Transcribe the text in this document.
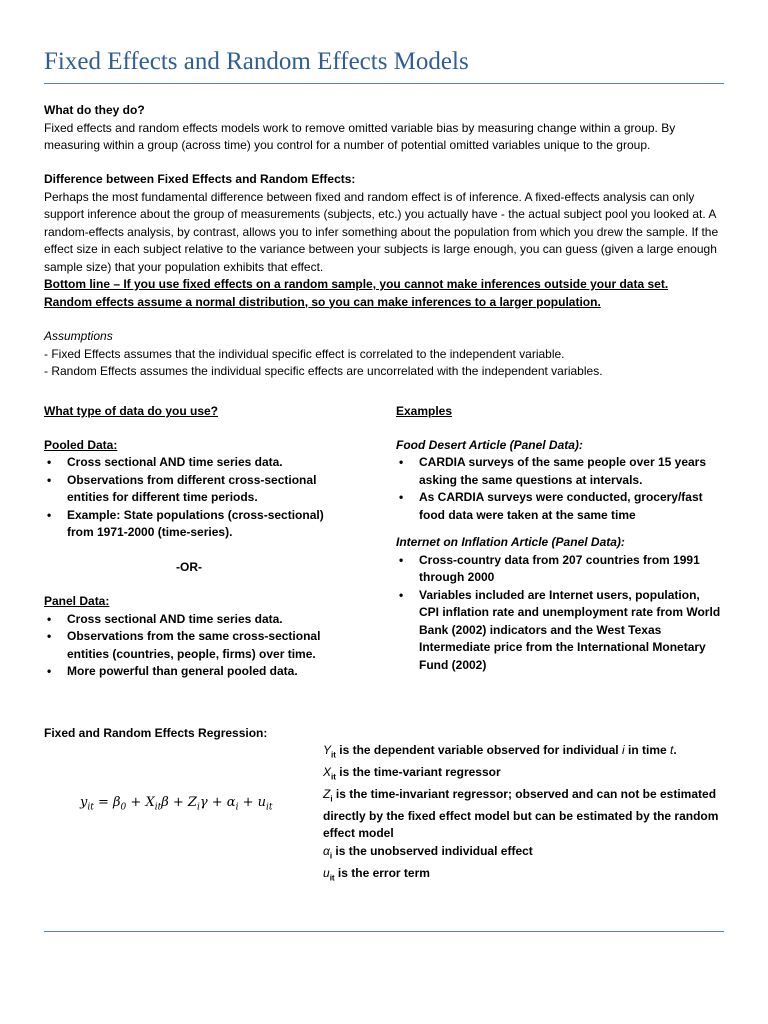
Fixed Effects and Random Effects Models

What do they do?

Fixed effects and random effects models work to remove omitted variable bias by measuring change within a group. By measuring within a group (across time) you control for a number of potential omitted variables unique to the group.

Difference between Fixed Effects and Random Effects:

Perhaps the most fundamental difference between fixed and random effect is of inference. A fixed-effects analysis can only support inference about the group of measurements (subjects, etc.) you actually have - the actual subject pool you looked at. A random-effects analysis, by contrast, allows you to infer something about the population from which you drew the sample. If the effect size in each subject relative to the variance between your subjects is large enough, you can guess (given a large enough sample size) that your population exhibits that effect.

Bottom line – If you use fixed effects on a random sample, you cannot make inferences outside your data set.

Random effects assume a normal distribution, so you can make inferences to a larger population.

Assumptions

- Fixed Effects assumes that the individual specific effect is correlated to the independent variable.

- Random Effects assumes the individual specific effects are uncorrelated with the independent variables.

What type of data do you use?

Pooled Data:

• Cross sectional AND time series data.
• Observations from different cross-sectional entities for different time periods.
• Example: State populations (cross-sectional) from 1971-2000 (time-series).

-OR-

Panel Data:

• Cross sectional AND time series data.
• Observations from the same cross-sectional entities (countries, people, firms) over time.
• More powerful than general pooled data.

Examples

Food Desert Article (Panel Data):

• CARDIA surveys of the same people over 15 years asking the same questions at intervals.
• As CARDIA surveys were conducted, grocery/fast food data were taken at the same time

Internet on Inflation Article (Panel Data):

• Cross-country data from 207 countries from 1991 through 2000
• Variables included are Internet users, population, CPI inflation rate and unemployment rate from World Bank (2002) indicators and the West Texas Intermediate price from the International Monetary Fund (2002)

Fixed and Random Effects Regression:

$y_{it} = \beta_0 + X_{it}\beta + Z_i\gamma + \alpha_i + u_{it}$

$Y_{it}$ is the dependent variable observed for individual i in time t.

$X_{it}$ is the time-variant regressor

$Z_i$ is the time-invariant regressor; observed and can not be estimated directly by the fixed effect model but can be estimated by the random effect model

$\alpha_i$ is the unobserved individual effect

$u_{it}$ is the error term
